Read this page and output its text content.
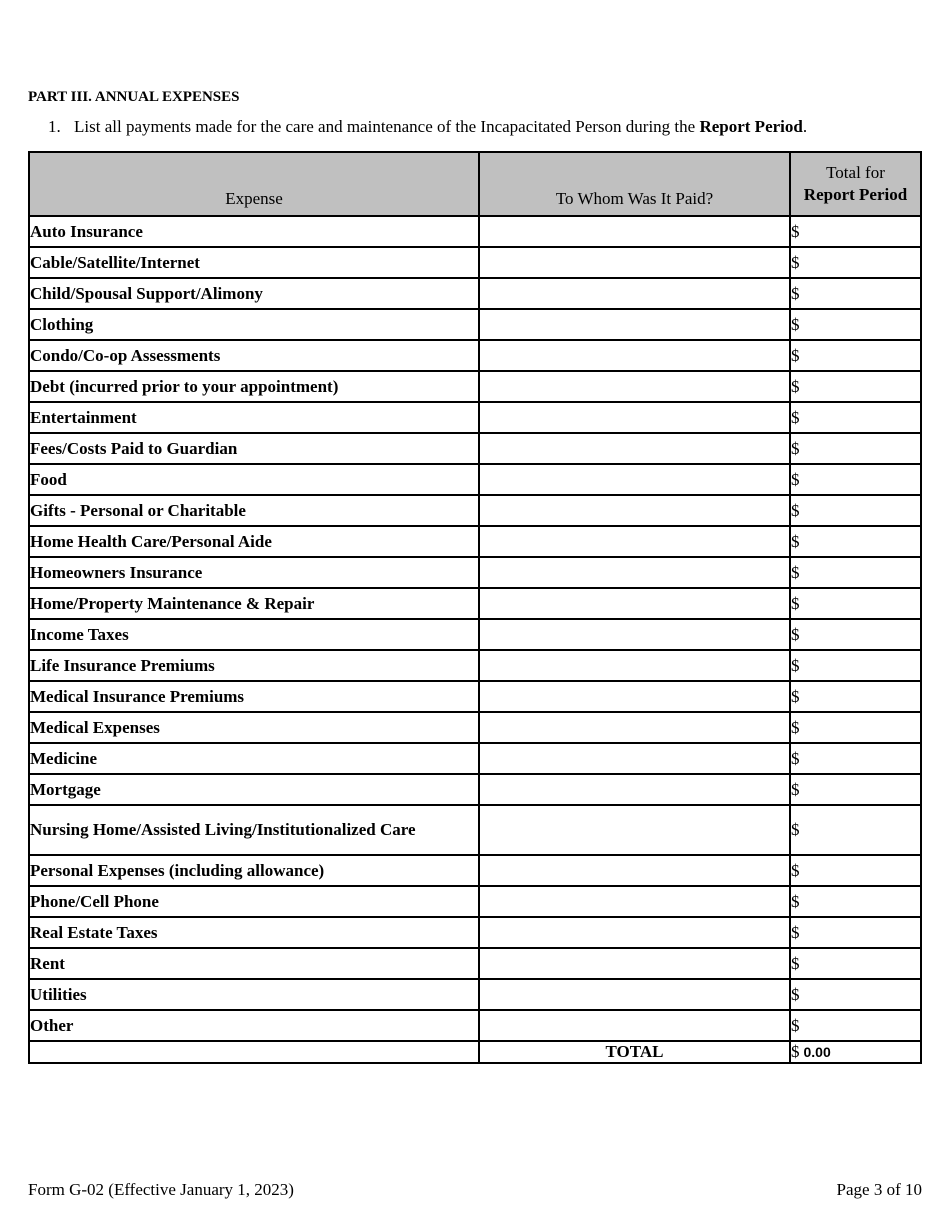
PART III. ANNUAL EXPENSES

1. List all payments made for the care and maintenance of the Incapacitated Person during the Report Period.

Expense	To Whom Was It Paid?	Total for
Report Period

Auto Insurance		$
Cable/Satellite/Internet		$
Child/Spousal Support/Alimony		$
Clothing		$
Condo/Co-op Assessments		$
Debt (incurred prior to your appointment)		$
Entertainment		$
Fees/Costs Paid to Guardian		$
Food		$
Gifts - Personal or Charitable		$
Home Health Care/Personal Aide		$
Homeowners Insurance		$
Home/Property Maintenance & Repair		$
Income Taxes		$
Life Insurance Premiums		$
Medical Insurance Premiums		$
Medical Expenses		$
Medicine		$
Mortgage		$
Nursing Home/Assisted Living/Institutionalized Care		$
Personal Expenses (including allowance)		$
Phone/Cell Phone		$
Real Estate Taxes		$
Rent		$
Utilities		$
Other		$
	TOTAL	$ 0.00
Form G-02 (Effective January 1, 2023)	Page 3 of 10
